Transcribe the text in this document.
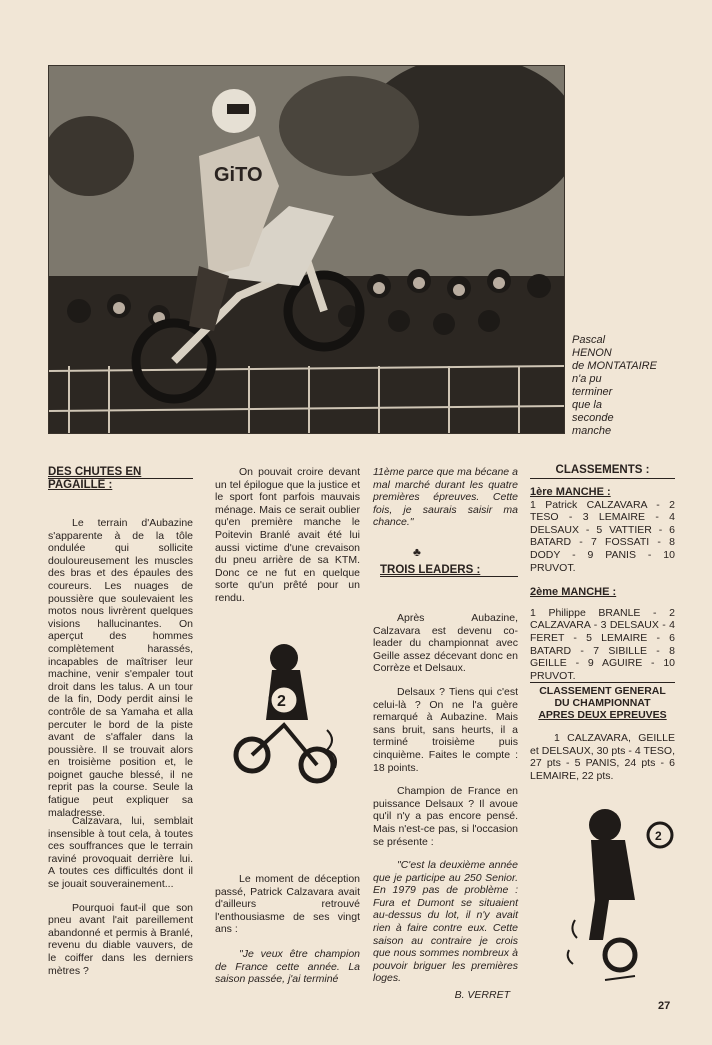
GiTO
Pascal
HENON
de MONTATAIRE
n'a pu
terminer
que la
seconde
manche
DES CHUTES EN
PAGAILLE :

Le terrain d'Aubazine s'apparente à de la tôle ondulée qui sollicite douloureusement les muscles des bras et des épaules des coureurs. Les nuages de poussière que soulevaient les motos nous livrèrent quelques visions hallucinantes. On aperçut des hommes complètement harassés, incapables de maîtriser leur machine, venir s'empaler tout droit dans les talus. A un tour de la fin, Dody perdit ainsi le contrôle de sa Yamaha et alla percuter le bord de la piste avant de s'affaler dans la poussière. Il se trouvait alors en troisième position et, le poignet gauche blessé, il ne reprit pas la course. Seule la fatigue peut expliquer sa maladresse.

Calzavara, lui, semblait insensible à tout cela, à toutes ces souffrances que le terrain raviné provoquait derrière lui. A toutes ces difficultés dont il se jouait souverainement...

Pourquoi faut-il que son pneu avant l'ait pareillement abandonné et permis à Branlé, revenu du diable vauvers, de le coiffer dans les derniers mètres ?

On pouvait croire devant un tel épilogue que la justice et le sport font parfois mauvais ménage. Mais ce serait oublier qu'en première manche le Poitevin Branlé avait été lui aussi victime d'une crevaison du pneu arrière de sa KTM. Donc ce ne fut en quelque sorte qu'un prêté pour un rendu.

2

Le moment de déception passé, Patrick Calzavara avait d'ailleurs retrouvé l'enthousiasme de ses vingt ans :

"Je veux être champion de France cette année. La saison passée, j'ai terminé

11ème parce que ma bécane a mal marché durant les quatre premières épreuves. Cette fois, je saurais saisir ma chance."

♣
TROIS LEADERS :

Après Aubazine, Calzavara est devenu co-leader du championnat avec Geille assez décevant donc en Corrèze et Delsaux.

Delsaux ? Tiens qui c'est celui-là ? On ne l'a guère remarqué à Aubazine. Mais sans bruit, sans heurts, il a terminé troisième puis cinquième. Faites le compte : 18 points.

Champion de France en puissance Delsaux ? Il avoue qu'il n'y a pas encore pensé. Mais n'est-ce pas, si l'occasion se présente :

"C'est la deuxième année que je participe au 250 Senior. En 1979 pas de problème : Fura et Dumont se situaient au-dessus du lot, il n'y avait rien à faire contre eux. Cette saison au contraire je crois que nous sommes nombreux à pouvoir briguer les premières loges.

B. VERRET

CLASSEMENTS :

1ère MANCHE :

1 Patrick CALZAVARA - 2 TESO - 3 LEMAIRE - 4 DELSAUX - 5 VATTIER - 6 BATARD - 7 FOSSATI - 8 DODY - 9 PANIS - 10 PRUVOT.

2ème MANCHE :

1 Philippe BRANLE - 2 CALZAVARA - 3 DELSAUX - 4 FERET - 5 LEMAIRE - 6 BATARD - 7 SIBILLE - 8 GEILLE - 9 AGUIRE - 10 PRUVOT.

CLASSEMENT GENERAL
DU CHAMPIONNAT
APRES DEUX EPREUVES

1 CALZAVARA, GEILLE et DELSAUX, 30 pts - 4 TESO, 27 pts - 5 PANIS, 24 pts - 6 LEMAIRE, 22 pts.

2
27
